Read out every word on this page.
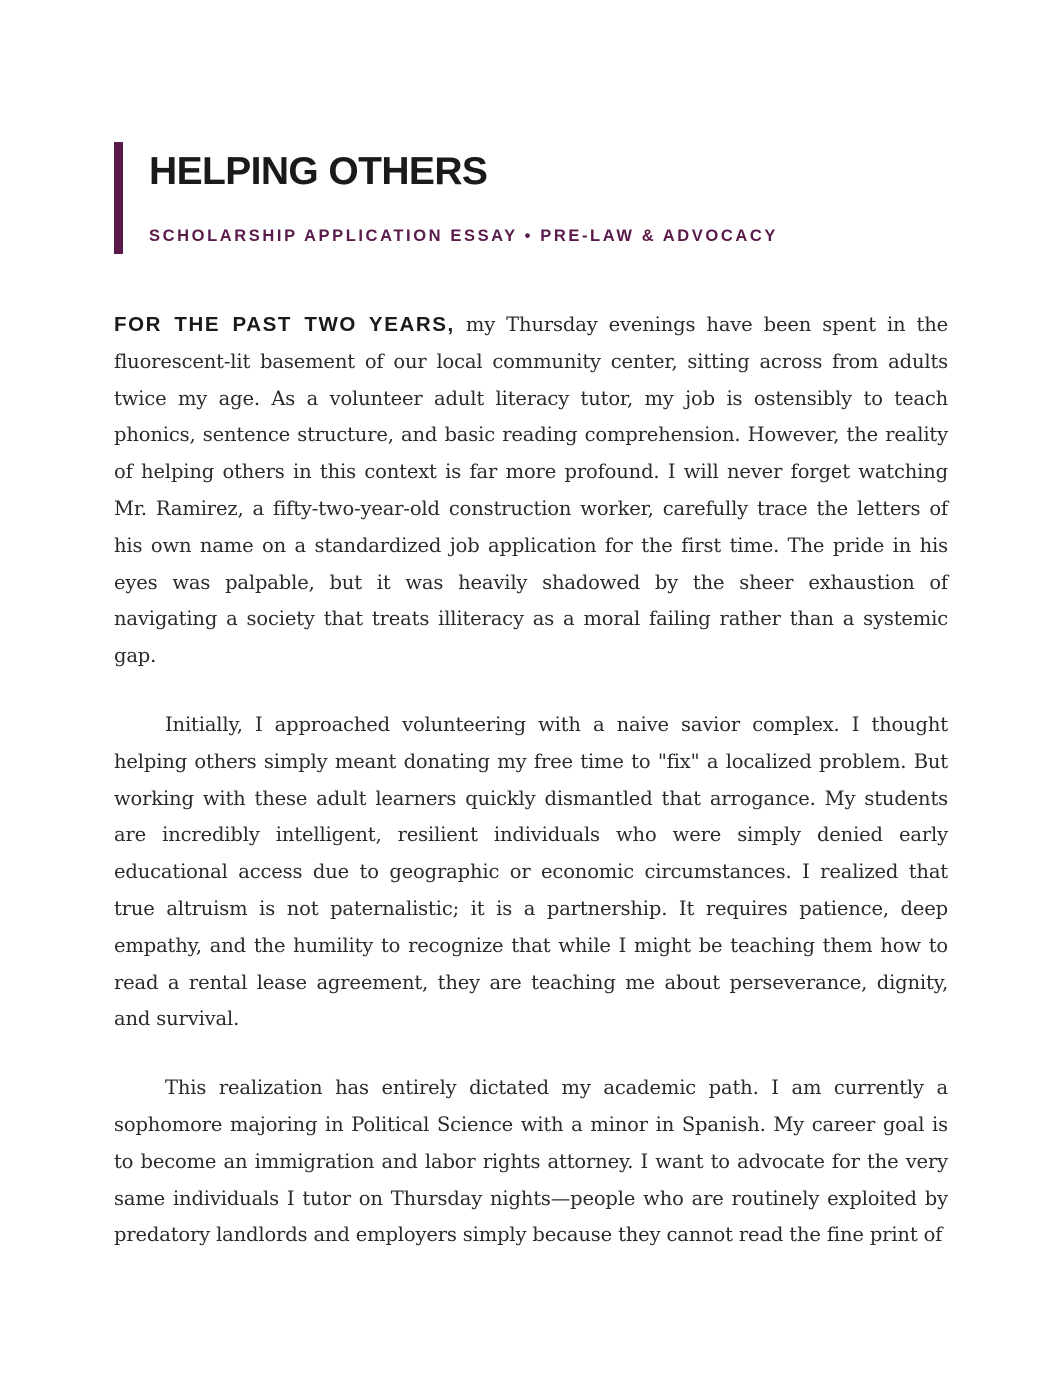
HELPING OTHERS
SCHOLARSHIP APPLICATION ESSAY • PRE-LAW & ADVOCACY

FOR THE PAST TWO YEARS, my Thursday evenings have been spent in the fluorescent-lit basement of our local community center, sitting across from adults twice my age. As a volunteer adult literacy tutor, my job is ostensibly to teach phonics, sentence structure, and basic reading comprehension. However, the reality of helping others in this context is far more profound. I will never forget watching Mr. Ramirez, a fifty-two-year-old construction worker, carefully trace the letters of his own name on a standardized job application for the first time. The pride in his eyes was palpable, but it was heavily shadowed by the sheer exhaustion of navigating a society that treats illiteracy as a moral failing rather than a systemic gap.

Initially, I approached volunteering with a naive savior complex. I thought helping others simply meant donating my free time to "fix" a localized problem. But working with these adult learners quickly dismantled that arrogance. My students are incredibly intelligent, resilient individuals who were simply denied early educational access due to geographic or economic circumstances. I realized that true altruism is not paternalistic; it is a partnership. It requires patience, deep empathy, and the humility to recognize that while I might be teaching them how to read a rental lease agreement, they are teaching me about perseverance, dignity, and survival.

This realization has entirely dictated my academic path. I am currently a sophomore majoring in Political Science with a minor in Spanish. My career goal is to become an immigration and labor rights attorney. I want to advocate for the very same individuals I tutor on Thursday nights—people who are routinely exploited by predatory landlords and employers simply because they cannot read the fine print of
